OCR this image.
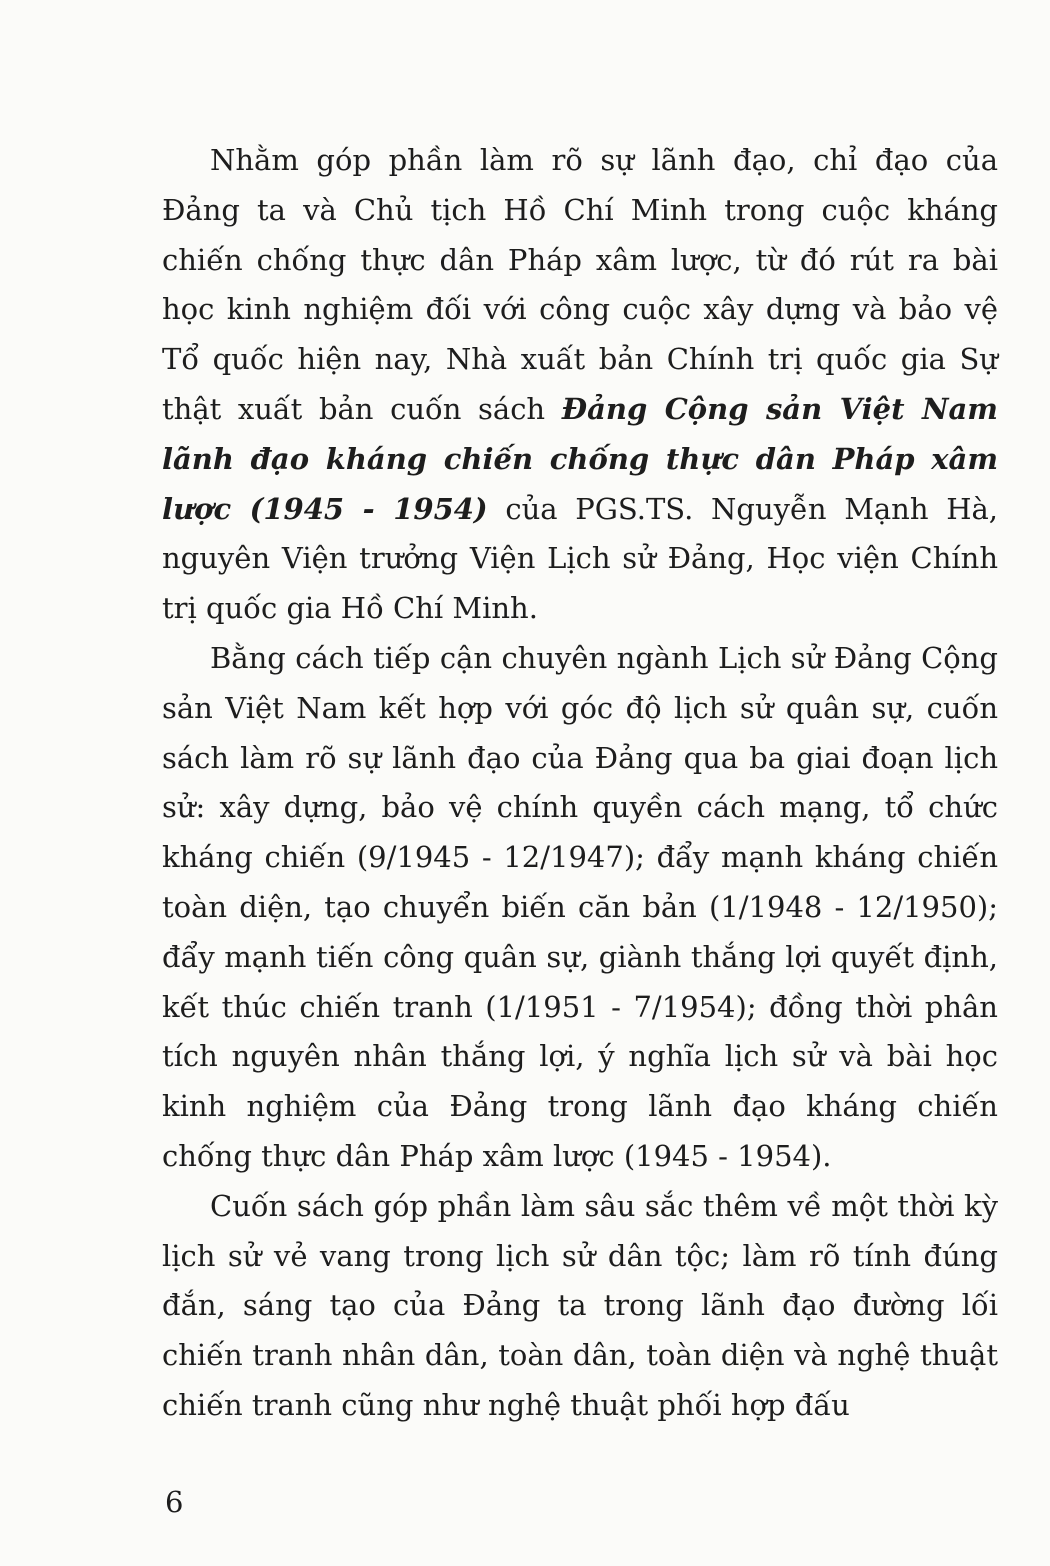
Nhằm góp phần làm rõ sự lãnh đạo, chỉ đạo của Đảng ta và Chủ tịch Hồ Chí Minh trong cuộc kháng chiến chống thực dân Pháp xâm lược, từ đó rút ra bài học kinh nghiệm đối với công cuộc xây dựng và bảo vệ Tổ quốc hiện nay, Nhà xuất bản Chính trị quốc gia Sự thật xuất bản cuốn sách Đảng Cộng sản Việt Nam lãnh đạo kháng chiến chống thực dân Pháp xâm lược (1945 - 1954) của PGS.TS. Nguyễn Mạnh Hà, nguyên Viện trưởng Viện Lịch sử Đảng, Học viện Chính trị quốc gia Hồ Chí Minh.

Bằng cách tiếp cận chuyên ngành Lịch sử Đảng Cộng sản Việt Nam kết hợp với góc độ lịch sử quân sự, cuốn sách làm rõ sự lãnh đạo của Đảng qua ba giai đoạn lịch sử: xây dựng, bảo vệ chính quyền cách mạng, tổ chức kháng chiến (9/1945 - 12/1947); đẩy mạnh kháng chiến toàn diện, tạo chuyển biến căn bản (1/1948 - 12/1950); đẩy mạnh tiến công quân sự, giành thắng lợi quyết định, kết thúc chiến tranh (1/1951 - 7/1954); đồng thời phân tích nguyên nhân thắng lợi, ý nghĩa lịch sử và bài học kinh nghiệm của Đảng trong lãnh đạo kháng chiến chống thực dân Pháp xâm lược (1945 - 1954).

Cuốn sách góp phần làm sâu sắc thêm về một thời kỳ lịch sử vẻ vang trong lịch sử dân tộc; làm rõ tính đúng đắn, sáng tạo của Đảng ta trong lãnh đạo đường lối chiến tranh nhân dân, toàn dân, toàn diện và nghệ thuật chiến tranh cũng như nghệ thuật phối hợp đấu

6
